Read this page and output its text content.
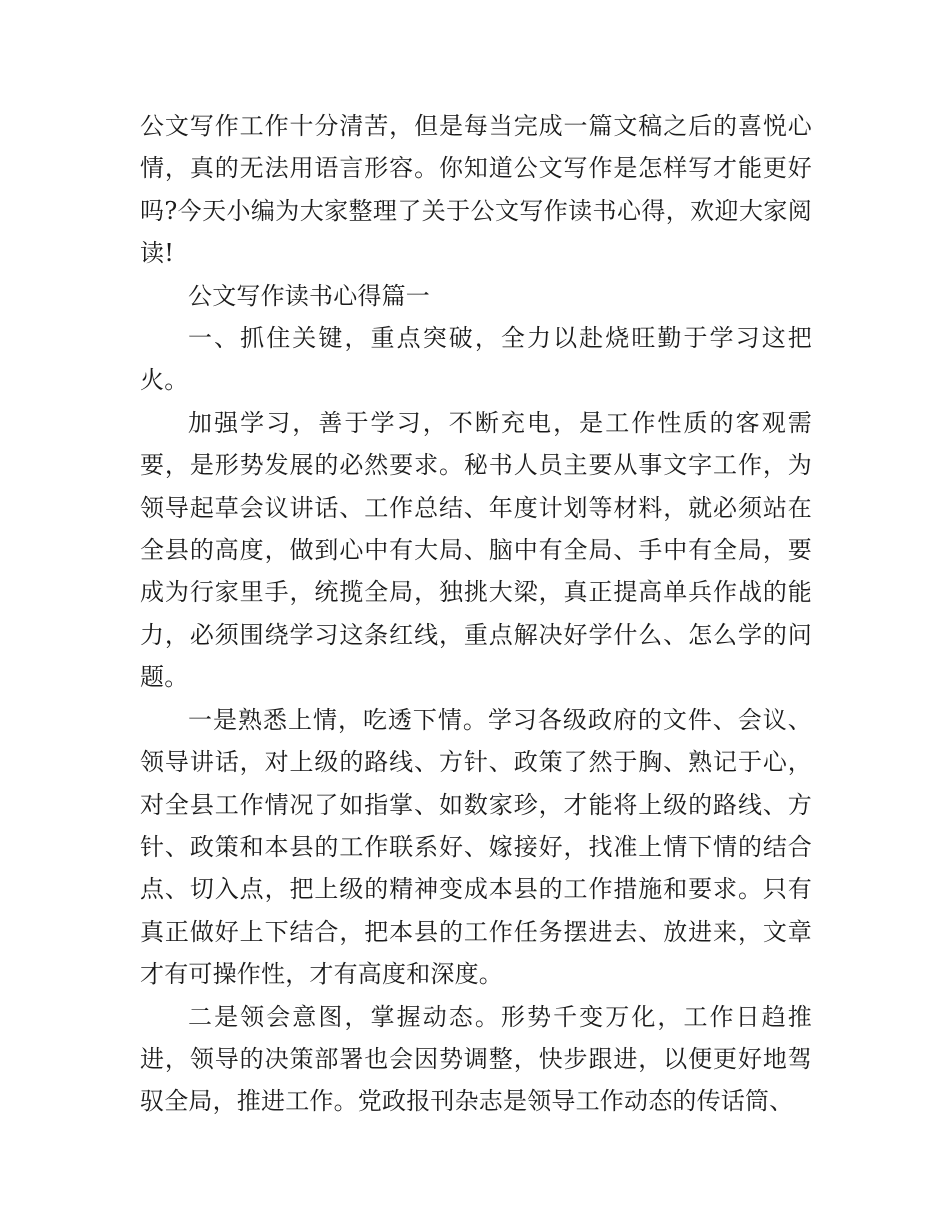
公文写作工作十分清苦，但是每当完成一篇文稿之后的喜悦心情，真的无法用语言形容。你知道公文写作是怎样写才能更好吗?今天小编为大家整理了关于公文写作读书心得，欢迎大家阅读!

公文写作读书心得篇一

一、抓住关键，重点突破，全力以赴烧旺勤于学习这把火。

加强学习，善于学习，不断充电，是工作性质的客观需要，是形势发展的必然要求。秘书人员主要从事文字工作，为领导起草会议讲话、工作总结、年度计划等材料，就必须站在全县的高度，做到心中有大局、脑中有全局、手中有全局，要成为行家里手，统揽全局，独挑大梁，真正提高单兵作战的能力，必须围绕学习这条红线，重点解决好学什么、怎么学的问题。

一是熟悉上情，吃透下情。学习各级政府的文件、会议、领导讲话，对上级的路线、方针、政策了然于胸、熟记于心，对全县工作情况了如指掌、如数家珍，才能将上级的路线、方针、政策和本县的工作联系好、嫁接好，找准上情下情的结合点、切入点，把上级的精神变成本县的工作措施和要求。只有真正做好上下结合，把本县的工作任务摆进去、放进来，文章才有可操作性，才有高度和深度。

二是领会意图，掌握动态。形势千变万化，工作日趋推进，领导的决策部署也会因势调整，快步跟进，以便更好地驾驭全局，推进工作。党政报刊杂志是领导工作动态的传话筒、
